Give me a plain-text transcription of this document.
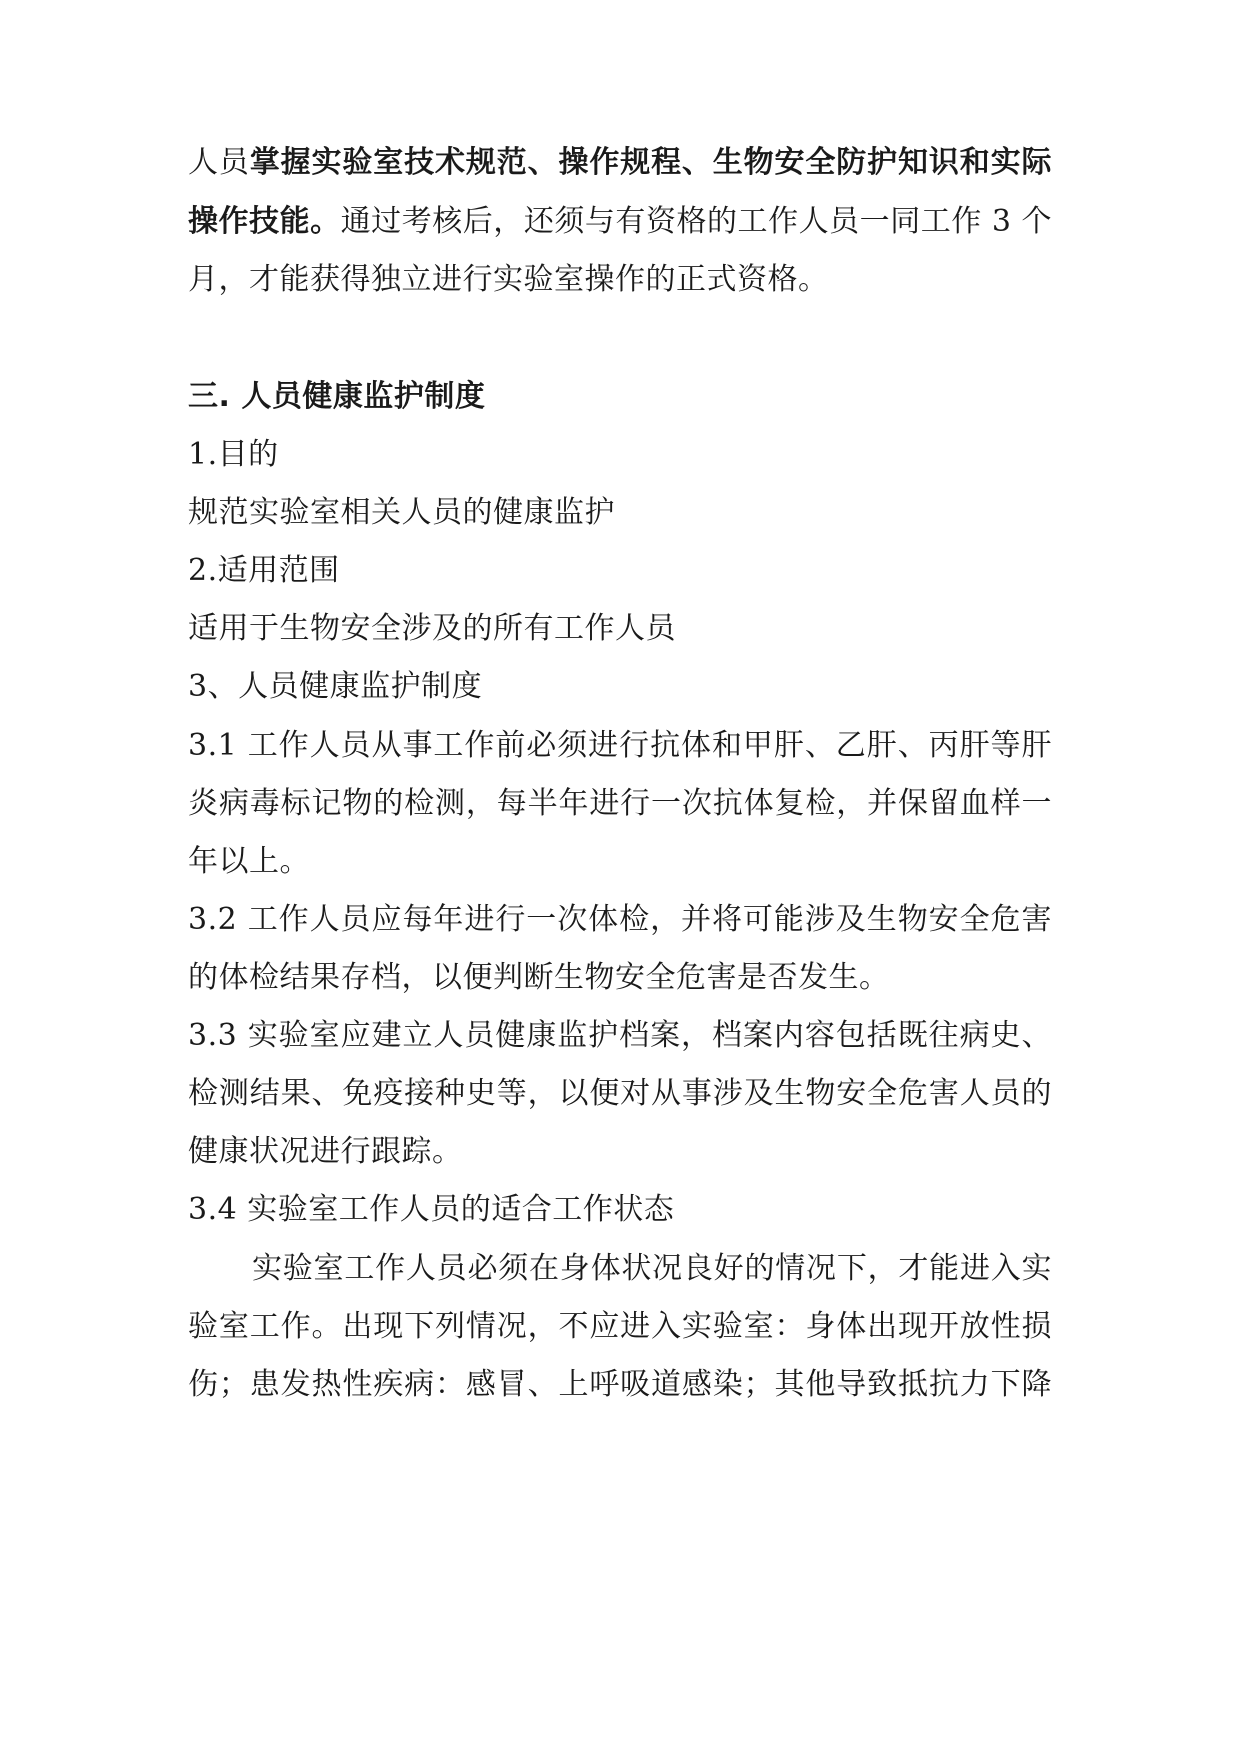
人员掌握实验室技术规范、操作规程、生物安全防护知识和实际
操作技能。通过考核后，还须与有资格的工作人员一同工作 3 个
月，才能获得独立进行实验室操作的正式资格。
三. 人员健康监护制度
1.目的
规范实验室相关人员的健康监护
2.适用范围
适用于生物安全涉及的所有工作人员
3、人员健康监护制度
3.1 工作人员从事工作前必须进行抗体和甲肝、乙肝、丙肝等肝
炎病毒标记物的检测，每半年进行一次抗体复检，并保留血样一
年以上。
3.2 工作人员应每年进行一次体检，并将可能涉及生物安全危害
的体检结果存档，以便判断生物安全危害是否发生。
3.3 实验室应建立人员健康监护档案，档案内容包括既往病史、
检测结果、免疫接种史等，以便对从事涉及生物安全危害人员的
健康状况进行跟踪。
3.4 实验室工作人员的适合工作状态
实验室工作人员必须在身体状况良好的情况下，才能进入实
验室工作。出现下列情况，不应进入实验室：身体出现开放性损
伤；患发热性疾病：感冒、上呼吸道感染；其他导致抵抗力下降
